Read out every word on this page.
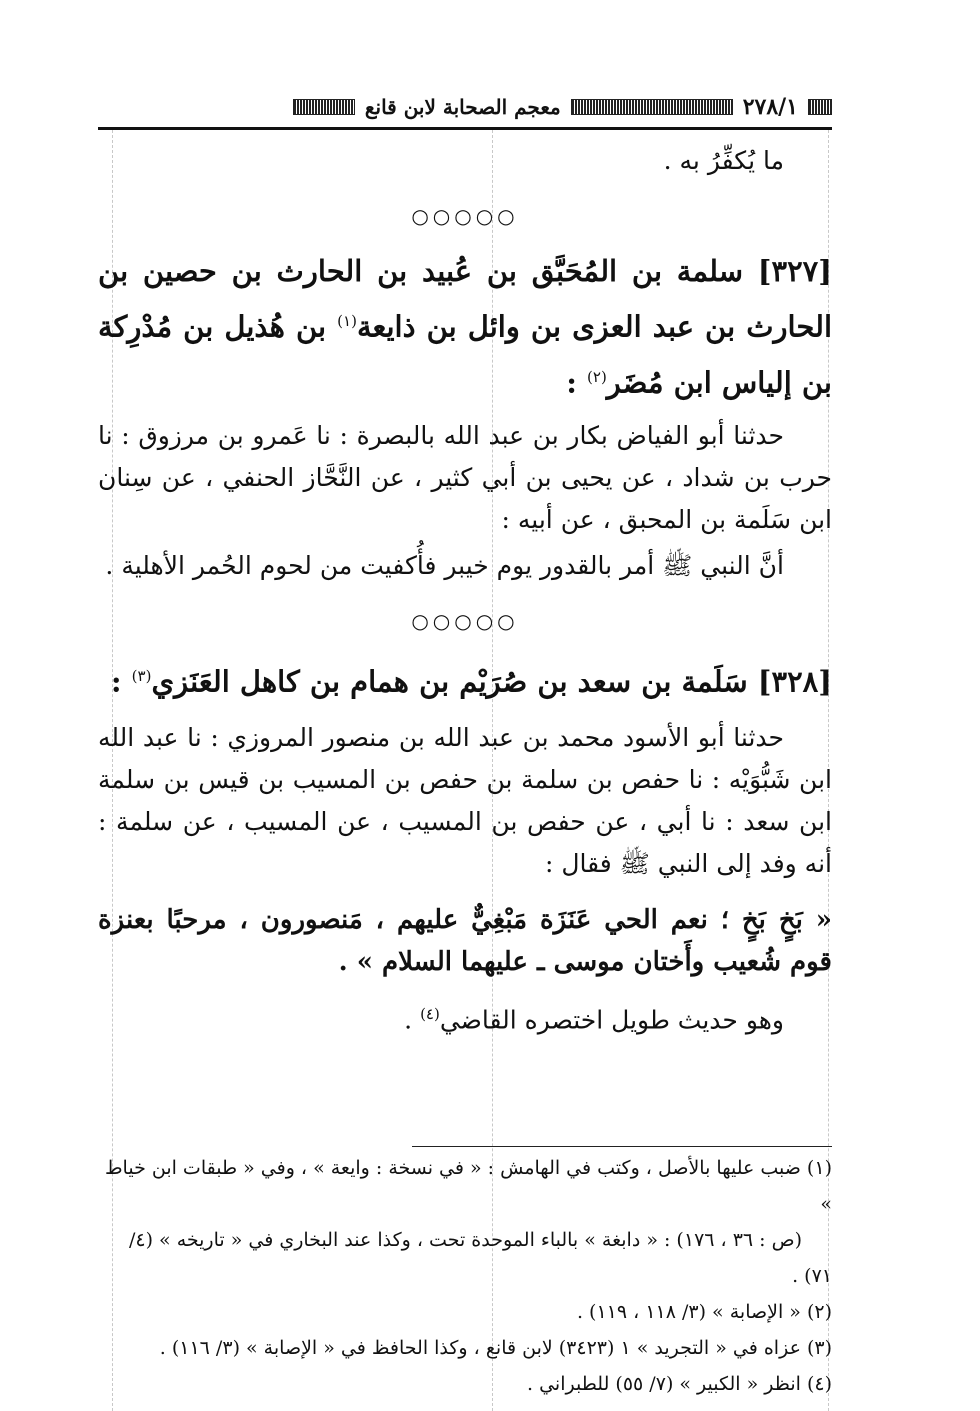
٢٧٨/١
معجم الصحابة لابن قانع

ما يُكفِّرُ به .

○○○○○

[٣٢٧] سلمة بن المُحَبَّق بن عُبيد بن الحارث بن حصين بن الحارث بن عبد العزى بن وائل بن ذايعة$^{(١)}$ بن هُذيل بن مُدْرِكة بن إلياس ابن مُضَر$^{(٢)}$ :

حدثنا أبو الفياض بكار بن عبد الله بالبصرة : نا عَمرو بن مرزوق : نا حرب بن شداد ، عن يحيى بن أبي كثير ، عن النَّحَّاز الحنفي ، عن سِنان ابن سَلَمة بن المحبق ، عن أبيه :

أنَّ النبي ﷺ أمر بالقدور يوم خيبر فأُكفيت من لحوم الحُمر الأهلية .

○○○○○

[٣٢٨] سَلَمة بن سعد بن صُرَيْم بن همام بن كاهل العَنَزي$^{(٣)}$ :

حدثنا أبو الأسود محمد بن عبد الله بن منصور المروزي : نا عبد الله ابن شَبُّوَيْه : نا حفص بن سلمة بن حفص بن المسيب بن قيس بن سلمة ابن سعد : نا أبي ، عن حفص بن المسيب ، عن المسيب ، عن سلمة : أنه وفد إلى النبي ﷺ فقال :

« بَخٍ بَخٍ ؛ نعم الحي عَنَزَة مَبْغِيٌّ عليهم ، مَنصورون ، مرحبًا بعنزة قوم شُعيب وأَختان موسى ـ عليهما السلام » .

وهو حديث طويل اختصره القاضي$^{(٤)}$ .

(١) ضبب عليها بالأصل ، وكتب في الهامش : « في نسخة : وايعة » ، وفي « طبقات ابن خياط »

(ص : ٣٦ ، ١٧٦) : « دابغة » بالباء الموحدة تحت ، وكذا عند البخاري في « تاريخه » (٤/ ٧١) .

(٢) « الإصابة » (٣/ ١١٨ ، ١١٩) .

(٣) عزاه في « التجريد » ١ (٣٤٢٣) لابن قانع ، وكذا الحافظ في « الإصابة » (٣/ ١١٦) .

(٤) انظر « الكبير » (٧/ ٥٥) للطبراني .
